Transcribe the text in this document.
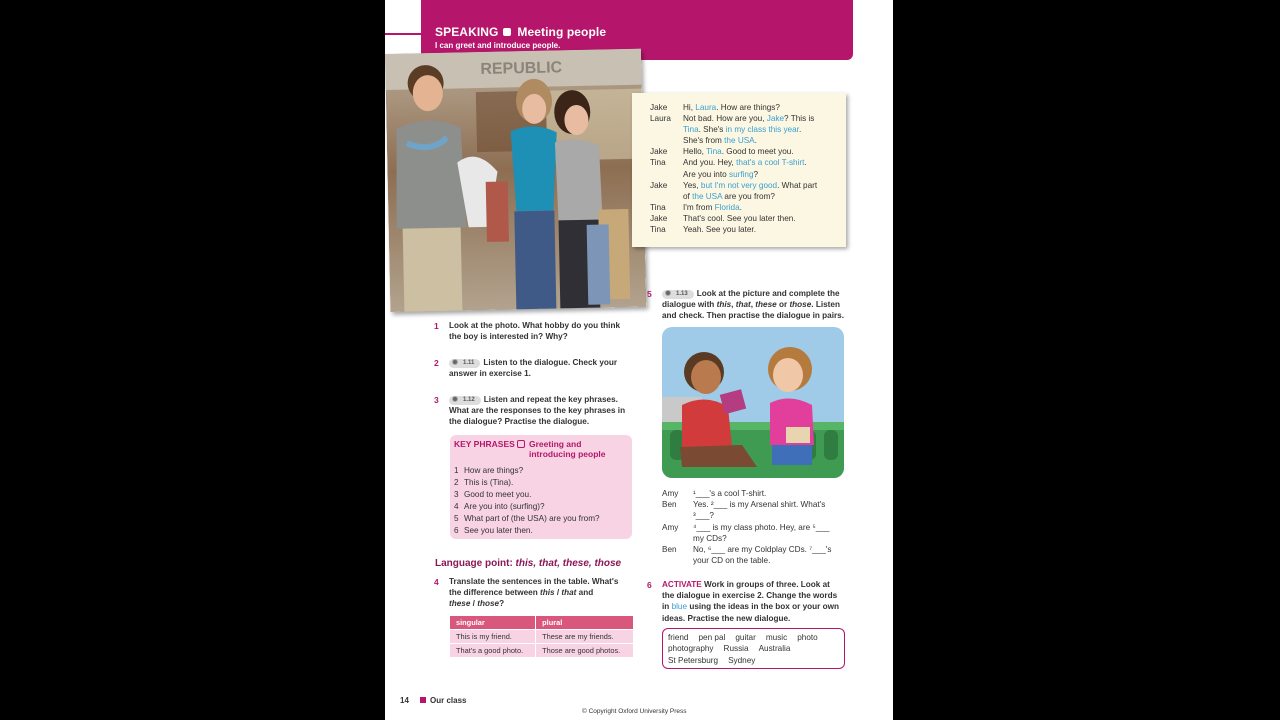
SPEAKING Meeting people
I can greet and introduce people.
REPUBLIC
Jake	Hi, Laura. How are things?
Laura	Not bad. How are you, Jake? This is
Tina. She's in my class this year.
She's from the USA.
Jake	Hello, Tina. Good to meet you.
Tina	And you. Hey, that's a cool T-shirt.
Are you into surfing?
Jake	Yes, but I'm not very good. What part
of the USA are you from?
Tina	I'm from Florida.
Jake	That's cool. See you later then.
Tina	Yeah. See you later.
1 Look at the photo. What hobby do you think
the boy is interested in? Why?
2	1.11 Listen to the dialogue. Check your
answer in exercise 1.
3	1.12 Listen and repeat the key phrases.
What are the responses to the key phrases in
the dialogue? Practise the dialogue.
KEY PHRASES	Greeting and
introducing people
1 How are things?
2 This is (Tina).
3 Good to meet you.
4 Are you into (surfing)?
5 What part of (the USA) are you from?
6 See you later then.
Language point: this, that, these, those
4 Translate the sentences in the table. What's
the difference between this / that and
these / those?
singular	plural
This is my friend.	These are my friends.
That's a good photo.	Those are good photos.
5	1.13 Look at the picture and complete the
dialogue with this, that, these or those. Listen
and check. Then practise the dialogue in pairs.
Amy	¹___'s a cool T-shirt.
Ben	Yes. ²___ is my Arsenal shirt. What's
³___?
Amy	⁴___ is my class photo. Hey, are ⁵___
my CDs?
Ben	No, ⁶___ are my Coldplay CDs. ⁷___'s
your CD on the table.
6 ACTIVATE Work in groups of three. Look at
the dialogue in exercise 2. Change the words
in blue using the ideas in the box or your own
ideas. Practise the new dialogue.
friend pen pal guitar music photo
photography Russia Australia
St Petersburg Sydney
14	Our class
© Copyright Oxford University Press
